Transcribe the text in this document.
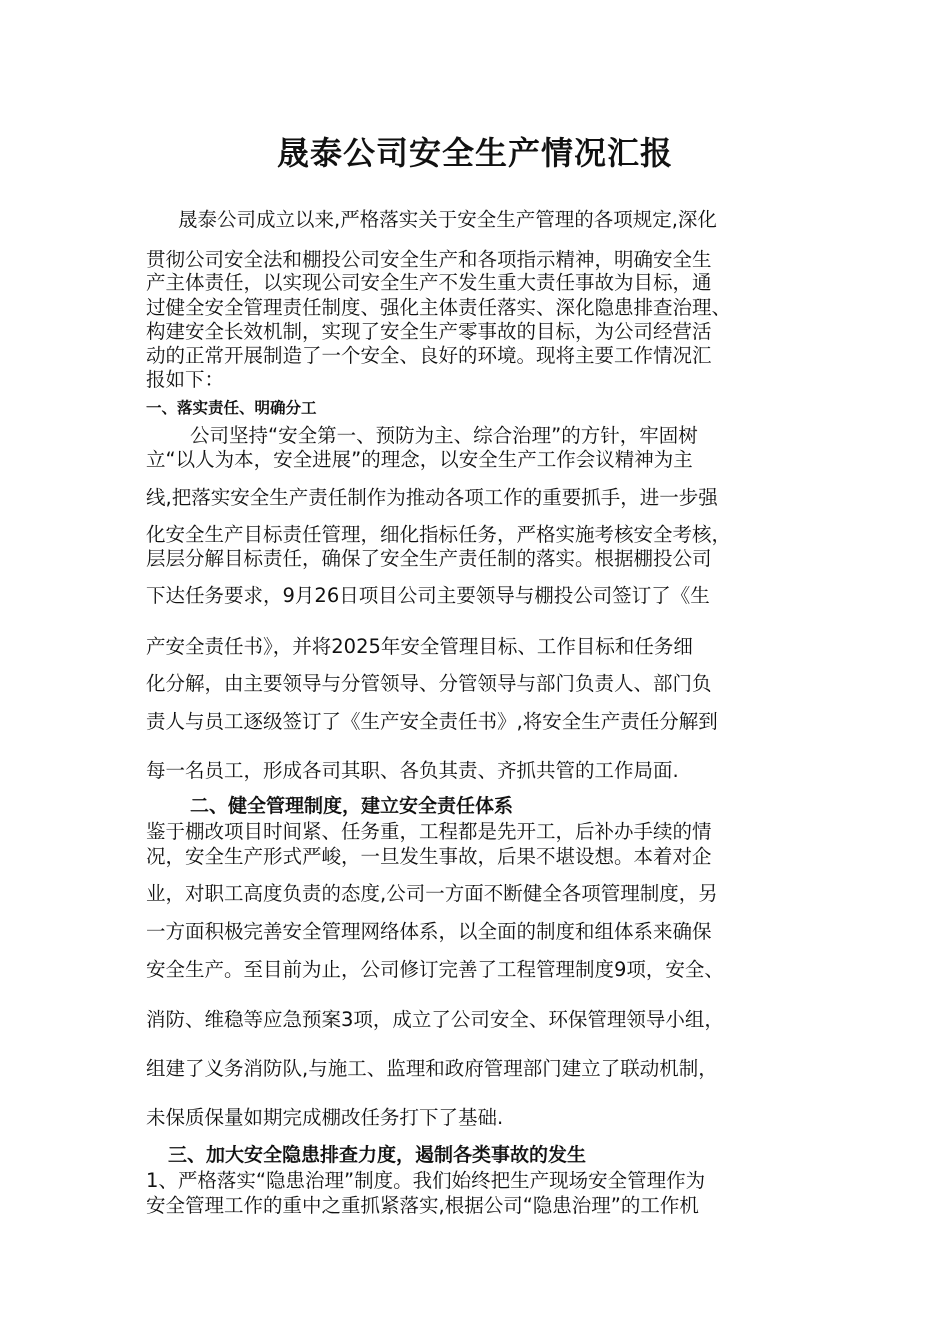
晟泰公司安全生产情况汇报
晟泰公司成立以来,严格落实关于安全生产管理的各项规定,深化
贯彻公司安全法和棚投公司安全生产和各项指示精神，明确安全生
产主体责任，以实现公司安全生产不发生重大责任事故为目标，通
过健全安全管理责任制度、强化主体责任落实、深化隐患排查治理、
构建安全长效机制，实现了安全生产零事故的目标，为公司经营活
动的正常开展制造了一个安全、良好的环境。现将主要工作情况汇
报如下：
一、落实责任、明确分工
公司坚持“安全第一、预防为主、综合治理”的方针，牢固树
立“以人为本，安全进展”的理念，以安全生产工作会议精神为主
线,把落实安全生产责任制作为推动各项工作的重要抓手，进一步强
化安全生产目标责任管理，细化指标任务，严格实施考核安全考核，
层层分解目标责任，确保了安全生产责任制的落实。根据棚投公司
下达任务要求，9月26日项目公司主要领导与棚投公司签订了《生
产安全责任书》，并将2025年安全管理目标、工作目标和任务细
化分解，由主要领导与分管领导、分管领导与部门负责人、部门负
责人与员工逐级签订了《生产安全责任书》,将安全生产责任分解到
每一名员工，形成各司其职、各负其责、齐抓共管的工作局面.
二、健全管理制度，建立安全责任体系
鉴于棚改项目时间紧、任务重，工程都是先开工，后补办手续的情
况，安全生产形式严峻，一旦发生事故，后果不堪设想。本着对企
业，对职工高度负责的态度,公司一方面不断健全各项管理制度，另
一方面积极完善安全管理网络体系，以全面的制度和组体系来确保
安全生产。至目前为止，公司修订完善了工程管理制度9项，安全、
消防、维稳等应急预案3项，成立了公司安全、环保管理领导小组，
组建了义务消防队,与施工、监理和政府管理部门建立了联动机制，
未保质保量如期完成棚改任务打下了基础.
三、加大安全隐患排查力度，遏制各类事故的发生
1、严格落实“隐患治理”制度。我们始终把生产现场安全管理作为
安全管理工作的重中之重抓紧落实,根据公司“隐患治理”的工作机
